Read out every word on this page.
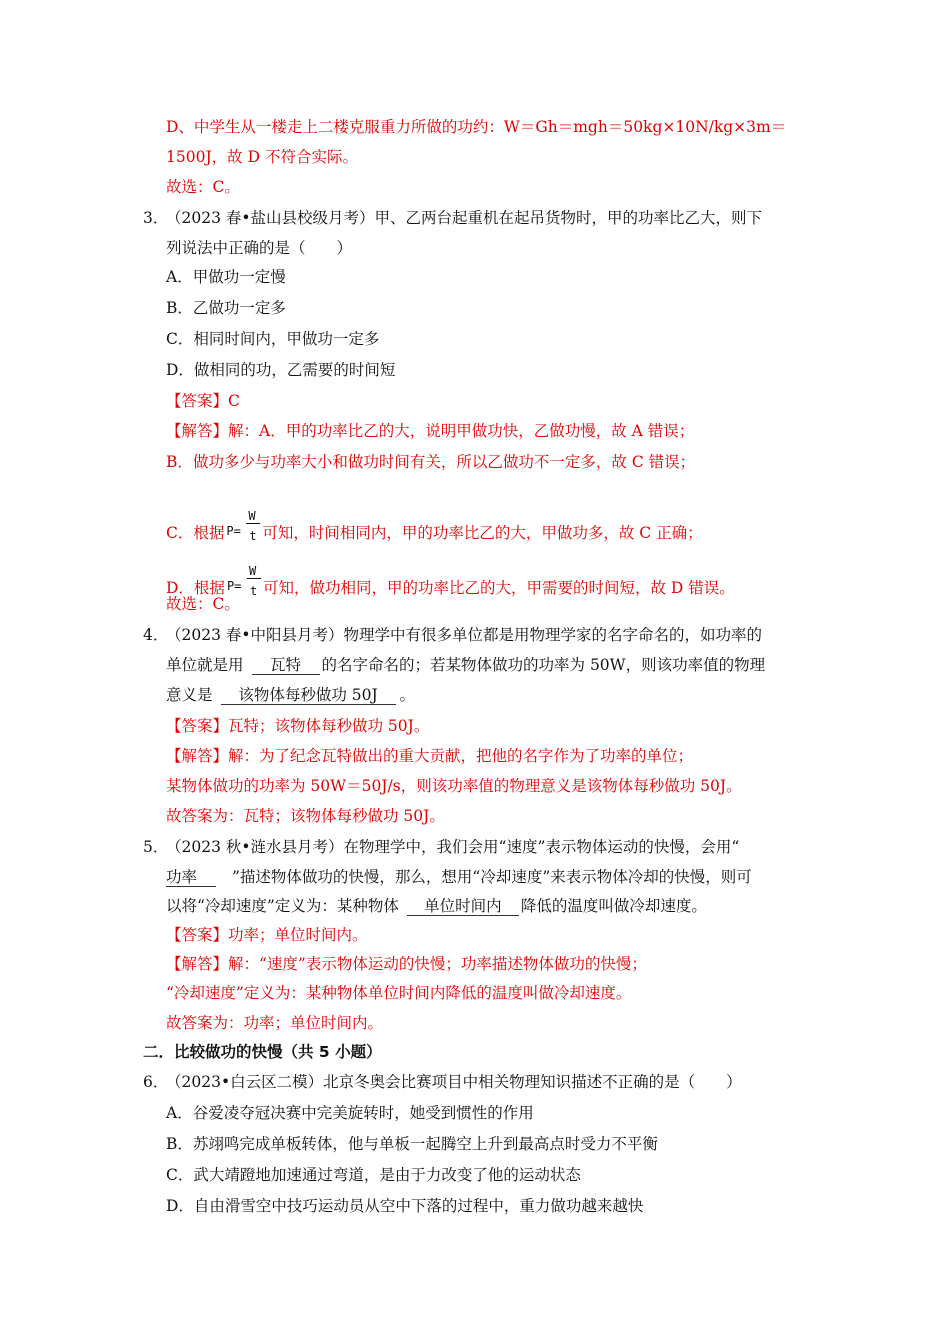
D、中学生从一楼走上二楼克服重力所做的功约：W＝Gh＝mgh＝50kg×10N/kg×3m＝
1500J，故 D 不符合实际。
故选：C。
3．
（2023 春•盐山县校级月考）甲、乙两台起重机在起吊货物时，甲的功率比乙大，则下
列说法中正确的是（　　）
A．甲做功一定慢
B．乙做功一定多
C．相同时间内，甲做功一定多
D．做相同的功，乙需要的时间短
【答案】C
【解答】解：A．甲的功率比乙的大，说明甲做功快，乙做功慢，故 A 错误；
B．做功多少与功率大小和做功时间有关，所以乙做功不一定多，故 C 错误；
C．根据 P=
W
t 可知，时间相同内，甲的功率比乙的大，甲做功多，故 C 正确；
D．根据 P=
W
t 可知，做功相同，甲的功率比乙的大，甲需要的时间短，故 D 错误。
故选：C。
4．
（2023 春•中阳县月考）物理学中有很多单位都是用物理学家的名字命名的，如功率的
单位就是用 瓦特 的名字命名的；若某物体做功的功率为 50W，则该功率值的物理
意义是 该物体每秒做功 50J 。
【答案】瓦特；该物体每秒做功 50J。
【解答】解：为了纪念瓦特做出的重大贡献，把他的名字作为了功率的单位；
某物体做功的功率为 50W＝50J/s，则该功率值的物理意义是该物体每秒做功 50J。
故答案为：瓦特；该物体每秒做功 50J。
5．
（2023 秋•涟水县月考）在物理学中，我们会用“速度”表示物体运动的快慢，会用“
功率 ”描述物体做功的快慢，那么，想用“冷却速度”来表示物体冷却的快慢，则可
以将“冷却速度”定义为：某种物体 单位时间内 降低的温度叫做冷却速度。
【答案】功率；单位时间内。
【解答】解：“速度”表示物体运动的快慢；功率描述物体做功的快慢；
“冷却速度”定义为：某种物体单位时间内降低的温度叫做冷却速度。
故答案为：功率；单位时间内。
二．比较做功的快慢（共 5 小题）
6．
（2023•白云区二模）北京冬奥会比赛项目中相关物理知识描述不正确的是（　　）
A．谷爱凌夺冠决赛中完美旋转时，她受到惯性的作用
B．苏翊鸣完成单板转体，他与单板一起腾空上升到最高点时受力不平衡
C．武大靖蹬地加速通过弯道，是由于力改变了他的运动状态
D．自由滑雪空中技巧运动员从空中下落的过程中，重力做功越来越快
